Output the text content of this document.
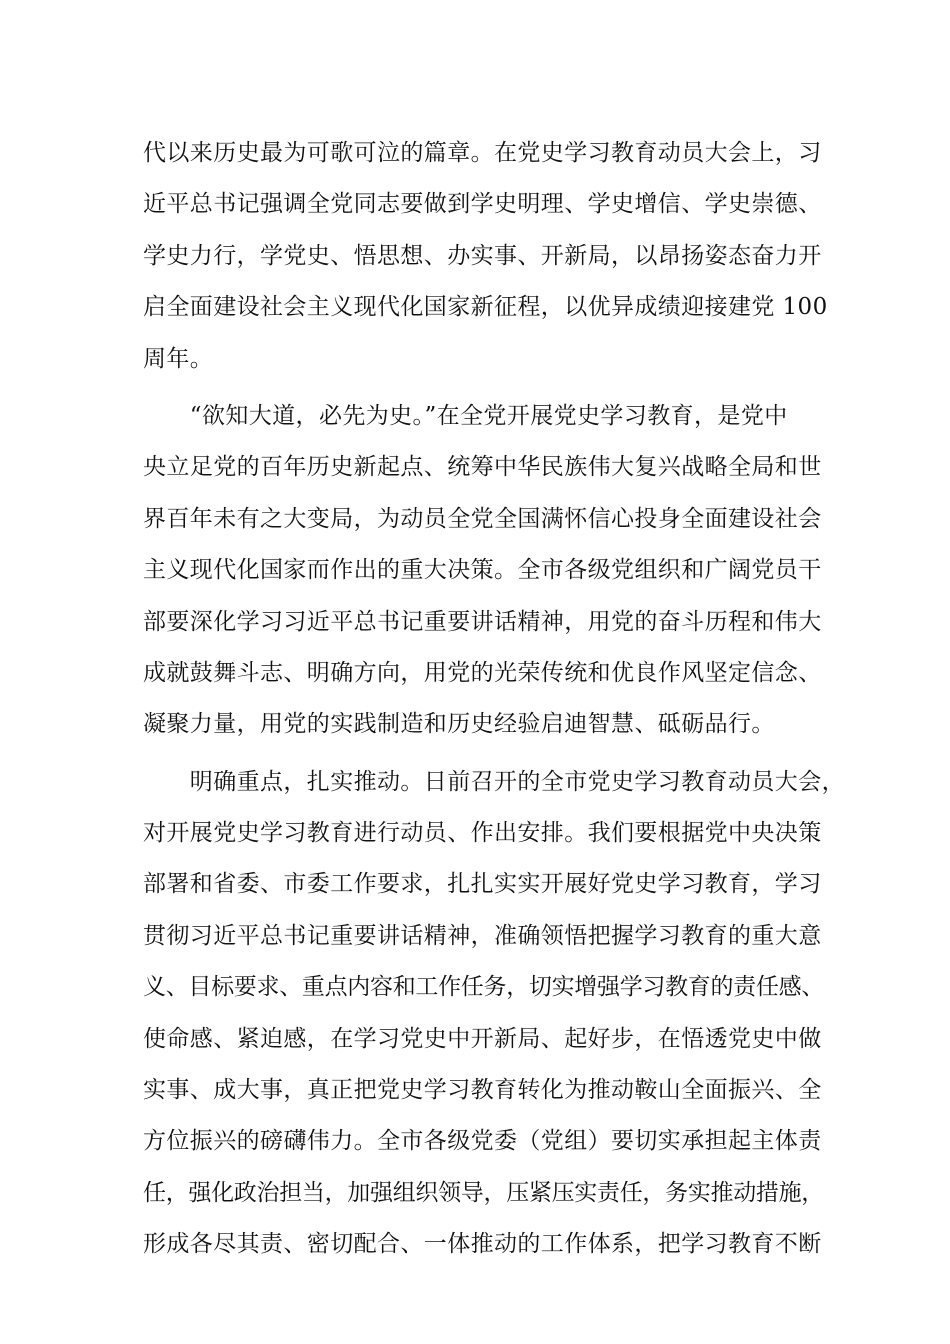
代以来历史最为可歌可泣的篇章。在党史学习教育动员大会上，习
近平总书记强调全党同志要做到学史明理、学史增信、学史崇德、
学史力行，学党史、悟思想、办实事、开新局，以昂扬姿态奋力开
启全面建设社会主义现代化国家新征程，以优异成绩迎接建党 100
周年。
　　“欲知大道，必先为史。”在全党开展党史学习教育，是党中
央立足党的百年历史新起点、统筹中华民族伟大复兴战略全局和世
界百年未有之大变局，为动员全党全国满怀信心投身全面建设社会
主义现代化国家而作出的重大决策。全市各级党组织和广阔党员干
部要深化学习习近平总书记重要讲话精神，用党的奋斗历程和伟大
成就鼓舞斗志、明确方向，用党的光荣传统和优良作风坚定信念、
凝聚力量，用党的实践制造和历史经验启迪智慧、砥砺品行。
　　明确重点，扎实推动。日前召开的全市党史学习教育动员大会，
对开展党史学习教育进行动员、作出安排。我们要根据党中央决策
部署和省委、市委工作要求，扎扎实实开展好党史学习教育，学习
贯彻习近平总书记重要讲话精神，准确领悟把握学习教育的重大意
义、目标要求、重点内容和工作任务，切实增强学习教育的责任感、
使命感、紧迫感，在学习党史中开新局、起好步，在悟透党史中做
实事、成大事，真正把党史学习教育转化为推动鞍山全面振兴、全
方位振兴的磅礴伟力。全市各级党委（党组）要切实承担起主体责
任，强化政治担当，加强组织领导，压紧压实责任，务实推动措施，
形成各尽其责、密切配合、一体推动的工作体系，把学习教育不断
